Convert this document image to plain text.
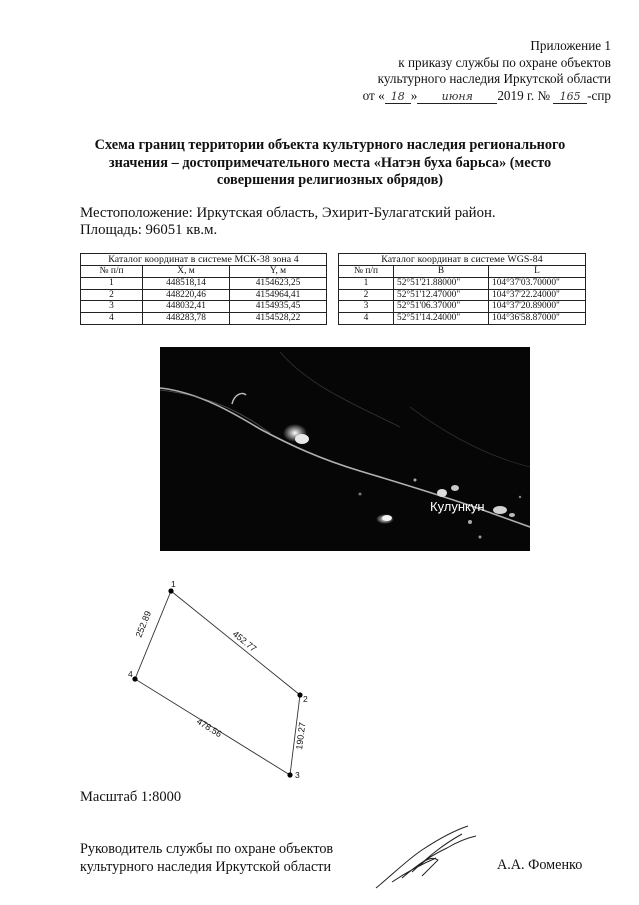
Приложение 1
к приказу службы по охране объектов
культурного наследия Иркутской области
от « 18 » июня 2019 г. № 165 -спр
Схема границ территории объекта культурного наследия регионального
значения – достопримечательного места «Натэн буха барьса» (место
совершения религиозных обрядов)
Местоположение: Иркутская область, Эхирит-Булагатский район.
Площадь: 96051 кв.м.
Каталог координат в системе МСК-38 зона 4
№ п/п	X, м	Y, м
1	448518,14	4154623,25
2	448220,46	4154964,41
3	448032,41	4154935,45
4	448283,78	4154528,22
Каталог координат в системе WGS-84
№ п/п	B	L
1	52°51'21.88000"	104°37'03.70000"
2	52°51'12.47000"	104°37'22.24000"
3	52°51'06.37000"	104°37'20.89000"
4	52°51'14.24000"	104°36'58.87000"
Кулункун
1
2
3
4
452.77
190.27
478.56
252.89
Масштаб 1:8000
Руководитель службы по охране объектов
культурного наследия Иркутской области	А.А. Фоменко
